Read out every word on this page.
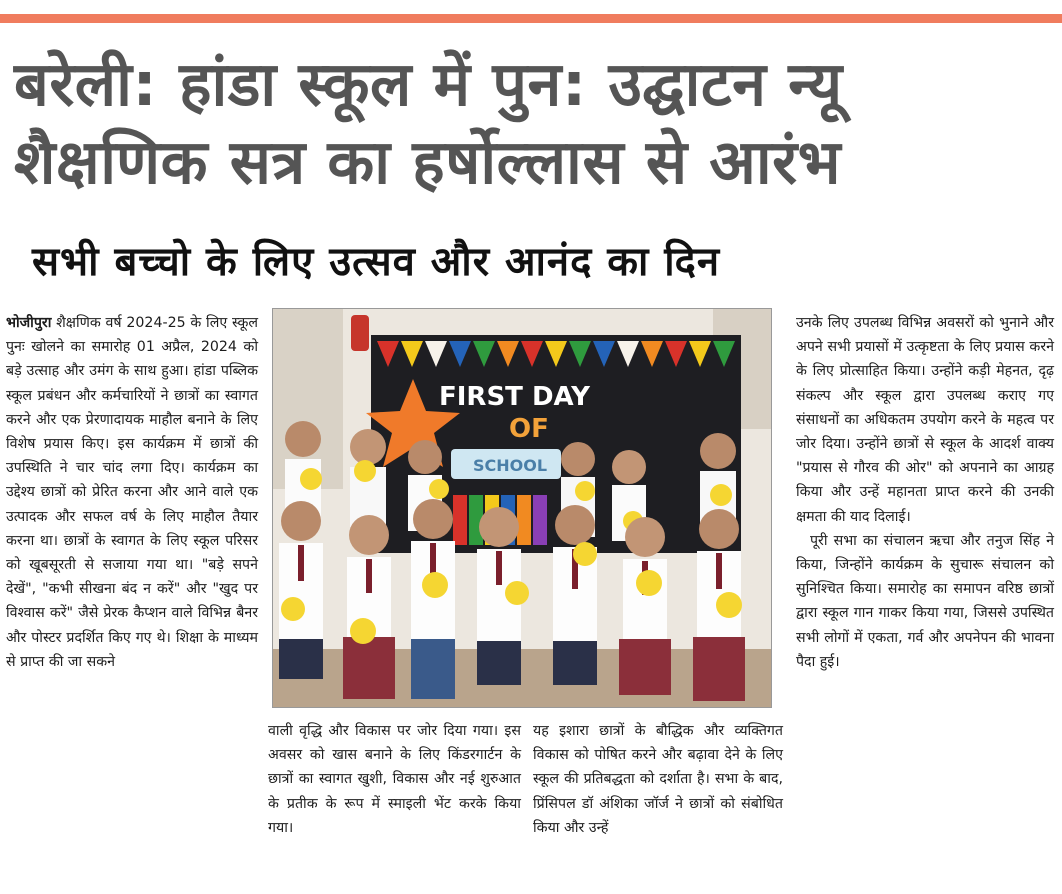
बरेली: हांडा स्कूल में पुन: उद्घाटन न्यू
शैक्षणिक सत्र का हर्षोल्लास से आरंभ
सभी बच्चो के लिए उत्सव और आनंद का दिन

भोजीपुरा शैक्षणिक वर्ष 2024-25 के लिए स्कूल पुनः खोलने का समारोह 01 अप्रैल, 2024 को बड़े उत्साह और उमंग के साथ हुआ। हांडा पब्लिक स्कूल प्रबंधन और कर्मचारियों ने छात्रों का स्वागत करने और एक प्रेरणादायक माहौल बनाने के लिए विशेष प्रयास किए। इस कार्यक्रम में छात्रों की उपस्थिति ने चार चांद लगा दिए। कार्यक्रम का उद्देश्य छात्रों को प्रेरित करना और आने वाले एक उत्पादक और सफल वर्ष के लिए माहौल तैयार करना था। छात्रों के स्वागत के लिए स्कूल परिसर को खूबसूरती से सजाया गया था। "बड़े सपने देखें", "कभी सीखना बंद न करें" और "खुद पर विश्वास करें" जैसे प्रेरक कैप्शन वाले विभिन्न बैनर और पोस्टर प्रदर्शित किए गए थे। शिक्षा के माध्यम से प्राप्त की जा सकने

FIRST DAY
OF
SCHOOL

वाली वृद्धि और विकास पर जोर दिया गया। इस अवसर को खास बनाने के लिए किंडरगार्टन के छात्रों का स्वागत खुशी, विकास और नई शुरुआत के प्रतीक के रूप में स्माइली भेंट करके किया गया।

यह इशारा छात्रों के बौद्धिक और व्यक्तिगत विकास को पोषित करने और बढ़ावा देने के लिए स्कूल की प्रतिबद्धता को दर्शाता है। सभा के बाद, प्रिंसिपल डॉ अंशिका जॉर्ज ने छात्रों को संबोधित किया और उन्हें

उनके लिए उपलब्ध विभिन्न अवसरों को भुनाने और अपने सभी प्रयासों में उत्कृष्टता के लिए प्रयास करने के लिए प्रोत्साहित किया। उन्होंने कड़ी मेहनत, दृढ़ संकल्प और स्कूल द्वारा उपलब्ध कराए गए संसाधनों का अधिकतम उपयोग करने के महत्व पर जोर दिया। उन्होंने छात्रों से स्कूल के आदर्श वाक्य "प्रयास से गौरव की ओर" को अपनाने का आग्रह किया और उन्हें महानता प्राप्त करने की उनकी क्षमता की याद दिलाई।

पूरी सभा का संचालन ऋचा और तनुज सिंह ने किया, जिन्होंने कार्यक्रम के सुचारू संचालन को सुनिश्चित किया। समारोह का समापन वरिष्ठ छात्रों द्वारा स्कूल गान गाकर किया गया, जिससे उपस्थित सभी लोगों में एकता, गर्व और अपनेपन की भावना पैदा हुई।
